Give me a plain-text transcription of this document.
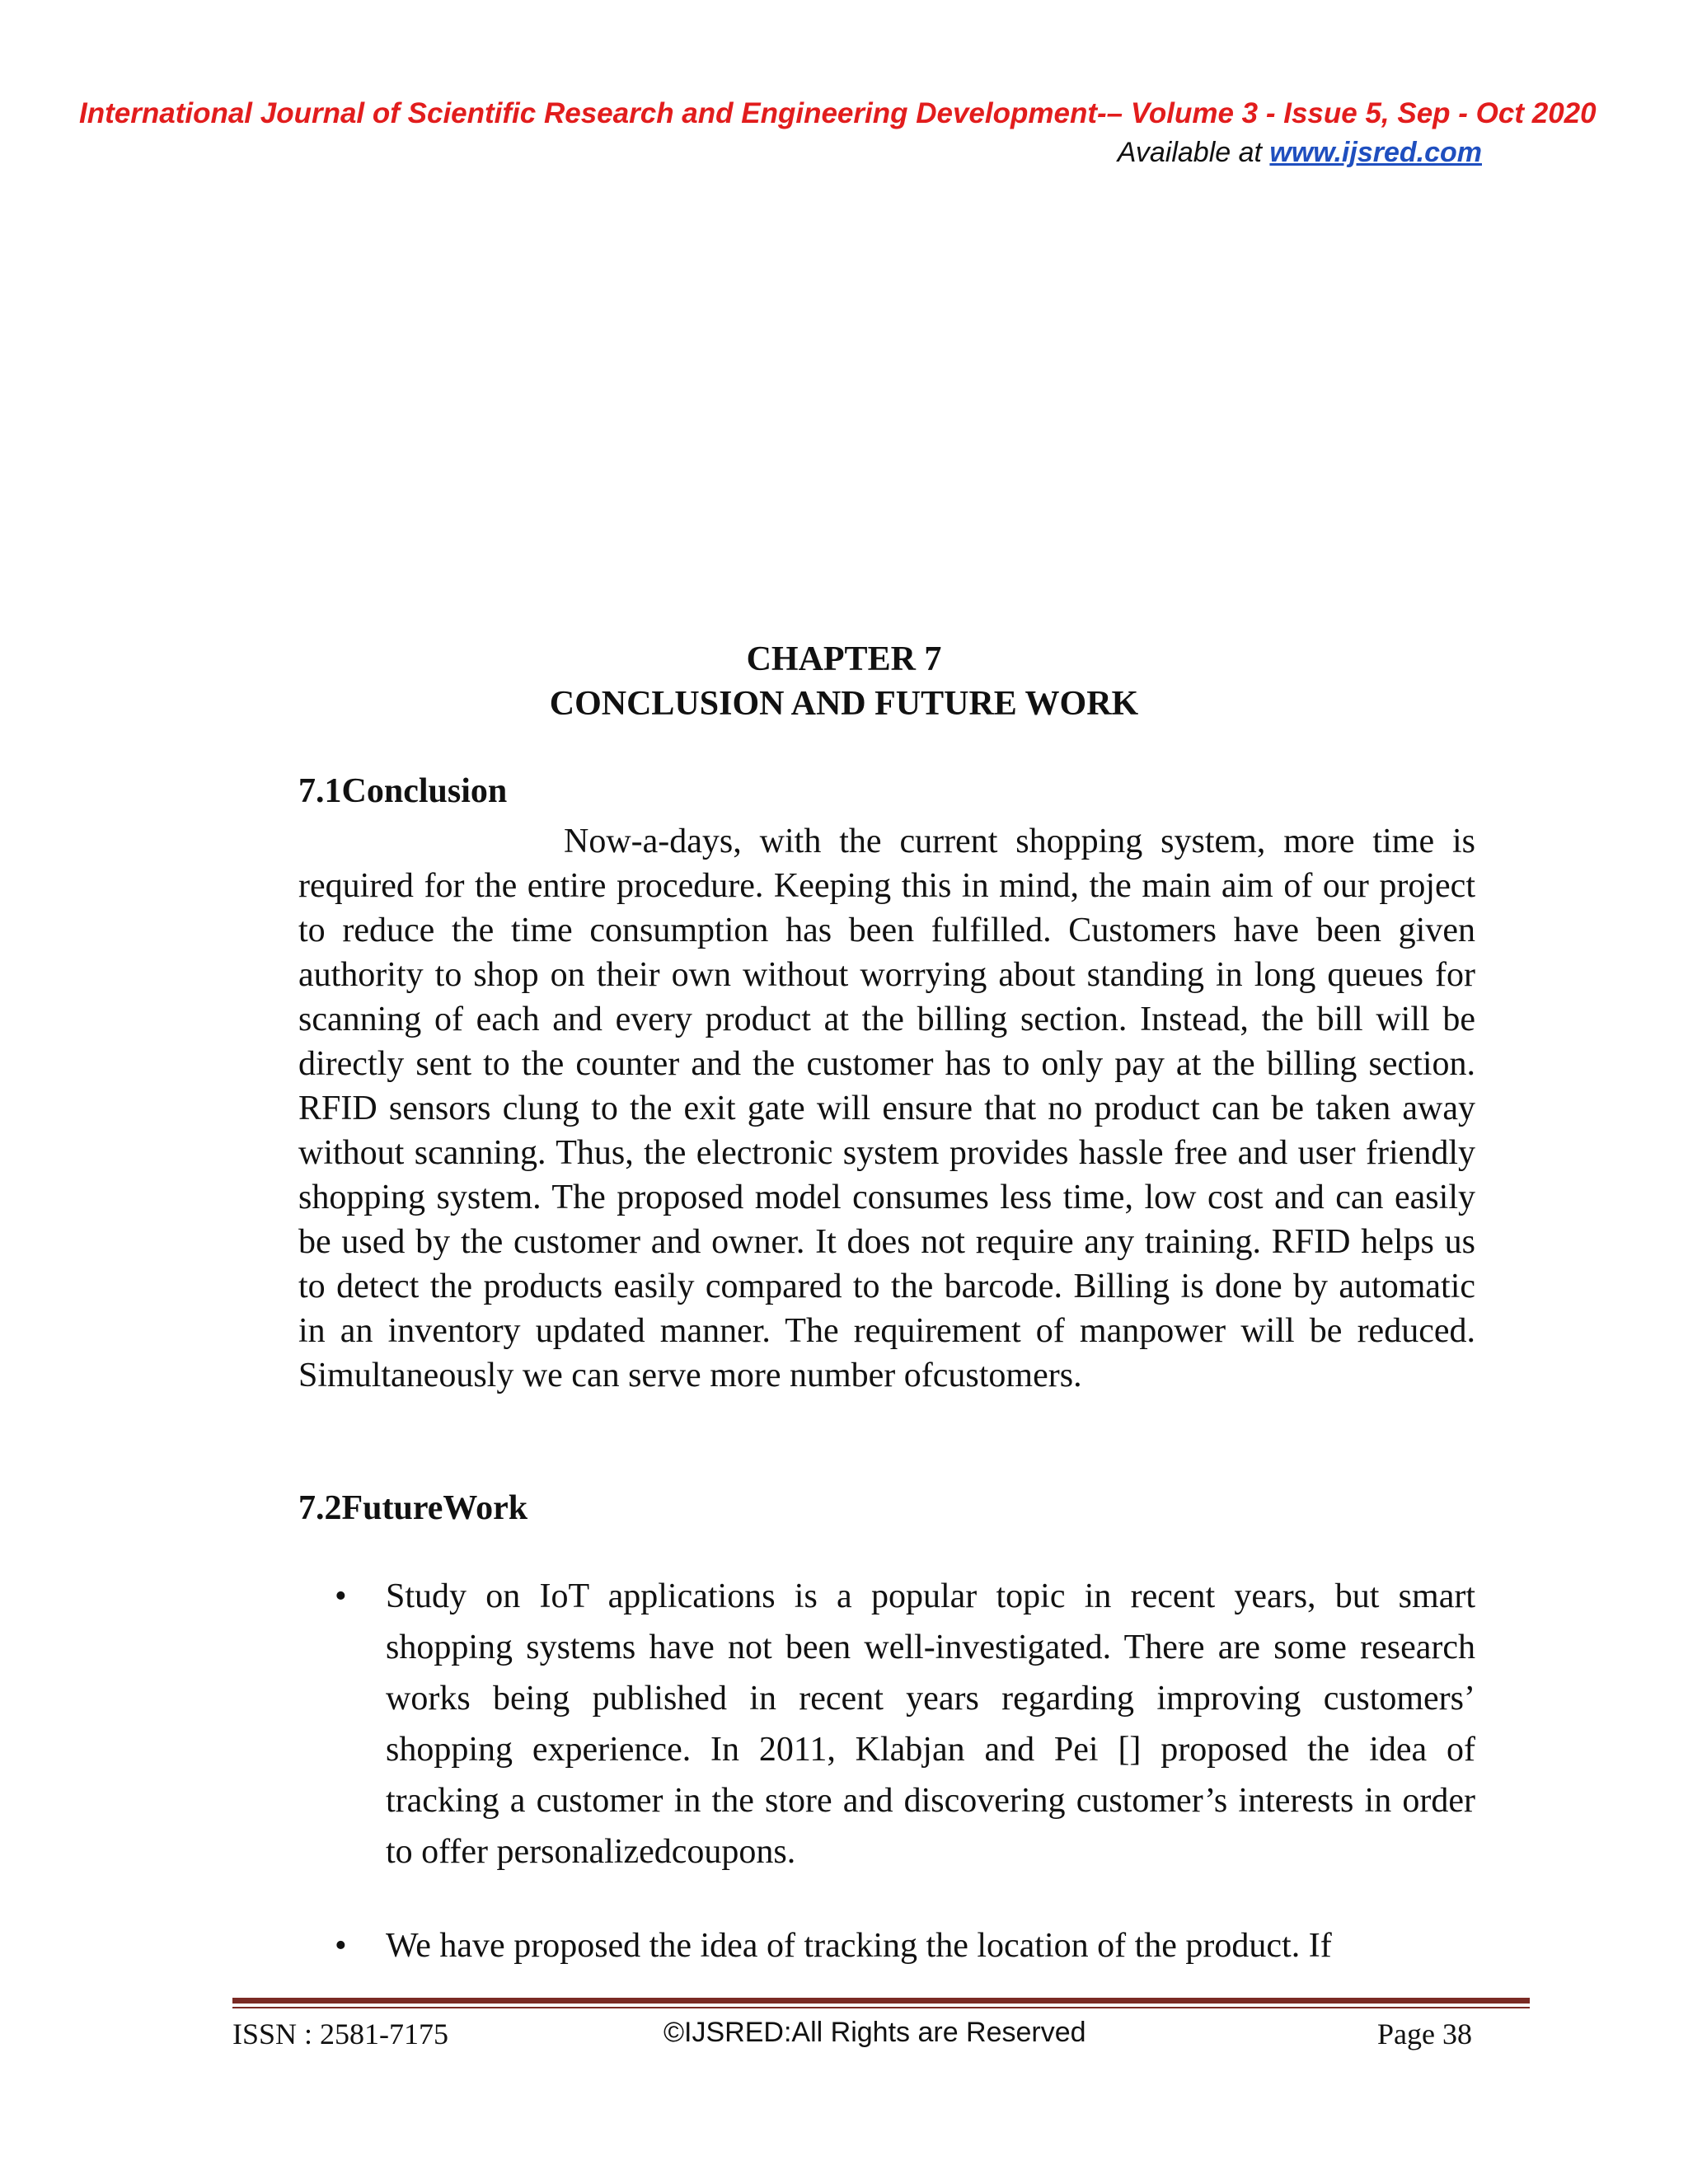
International Journal of Scientific Research and Engineering Development-– Volume 3 - Issue 5, Sep - Oct 2020
Available at www.ijsred.com
CHAPTER 7
CONCLUSION AND FUTURE WORK
7.1Conclusion
Now-a-days, with the current shopping system, more time is required for the entire procedure. Keeping this in mind, the main aim of our project to reduce the time consumption has been fulfilled. Customers have been given authority to shop on their own without worrying about standing in long queues for scanning of each and every product at the billing section. Instead, the bill will be directly sent to the counter and the customer has to only pay at the billing section. RFID sensors clung to the exit gate will ensure that no product can be taken away without scanning. Thus, the electronic system provides hassle free and user friendly shopping system. The proposed model consumes less time, low cost and can easily be used by the customer and owner. It does not require any training. RFID helps us to detect the products easily compared to the barcode. Billing is done by automatic in an inventory updated manner. The requirement of manpower will be reduced. Simultaneously we can serve more number ofcustomers.
7.2FutureWork
• Study on IoT applications is a popular topic in recent years, but smart shopping systems have not been well-investigated. There are some research works being published in recent years regarding improving customers’ shopping experience. In 2011, Klabjan and Pei [] proposed the idea of tracking a customer in the store and discovering customer’s interests in order to offer personalizedcoupons.
• We have proposed the idea of tracking the location of the product. If
ISSN : 2581-7175	©IJSRED:All Rights are Reserved	Page 38
